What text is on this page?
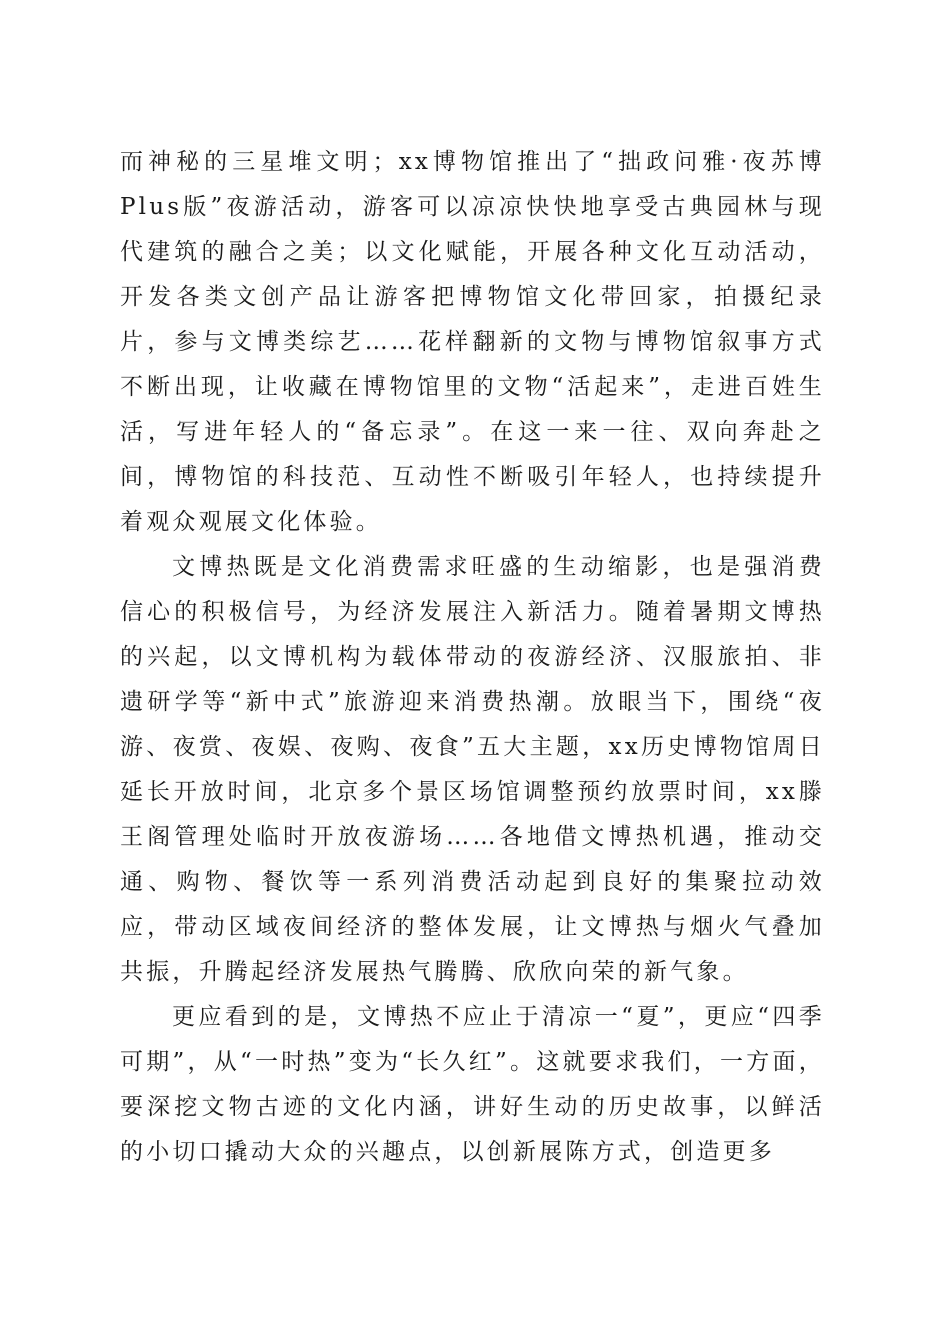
而神秘的三星堆文明；xx博物馆推出了“拙政问雅·夜苏博Plus版”夜游活动，游客可以凉凉快快地享受古典园林与现代建筑的融合之美；以文化赋能，开展各种文化互动活动，开发各类文创产品让游客把博物馆文化带回家，拍摄纪录片，参与文博类综艺……花样翻新的文物与博物馆叙事方式不断出现，让收藏在博物馆里的文物“活起来”，走进百姓生活，写进年轻人的“备忘录”。在这一来一往、双向奔赴之间，博物馆的科技范、互动性不断吸引年轻人，也持续提升着观众观展文化体验。

文博热既是文化消费需求旺盛的生动缩影，也是强消费信心的积极信号，为经济发展注入新活力。随着暑期文博热的兴起，以文博机构为载体带动的夜游经济、汉服旅拍、非遗研学等“新中式”旅游迎来消费热潮。放眼当下，围绕“夜游、夜赏、夜娱、夜购、夜食”五大主题，xx历史博物馆周日延长开放时间，北京多个景区场馆调整预约放票时间，xx滕王阁管理处临时开放夜游场……各地借文博热机遇，推动交通、购物、餐饮等一系列消费活动起到良好的集聚拉动效应，带动区域夜间经济的整体发展，让文博热与烟火气叠加共振，升腾起经济发展热气腾腾、欣欣向荣的新气象。

更应看到的是，文博热不应止于清凉一“夏”，更应“四季可期”，从“一时热”变为“长久红”。这就要求我们，一方面，要深挖文物古迹的文化内涵，讲好生动的历史故事，以鲜活的小切口撬动大众的兴趣点，以创新展陈方式，创造更多
